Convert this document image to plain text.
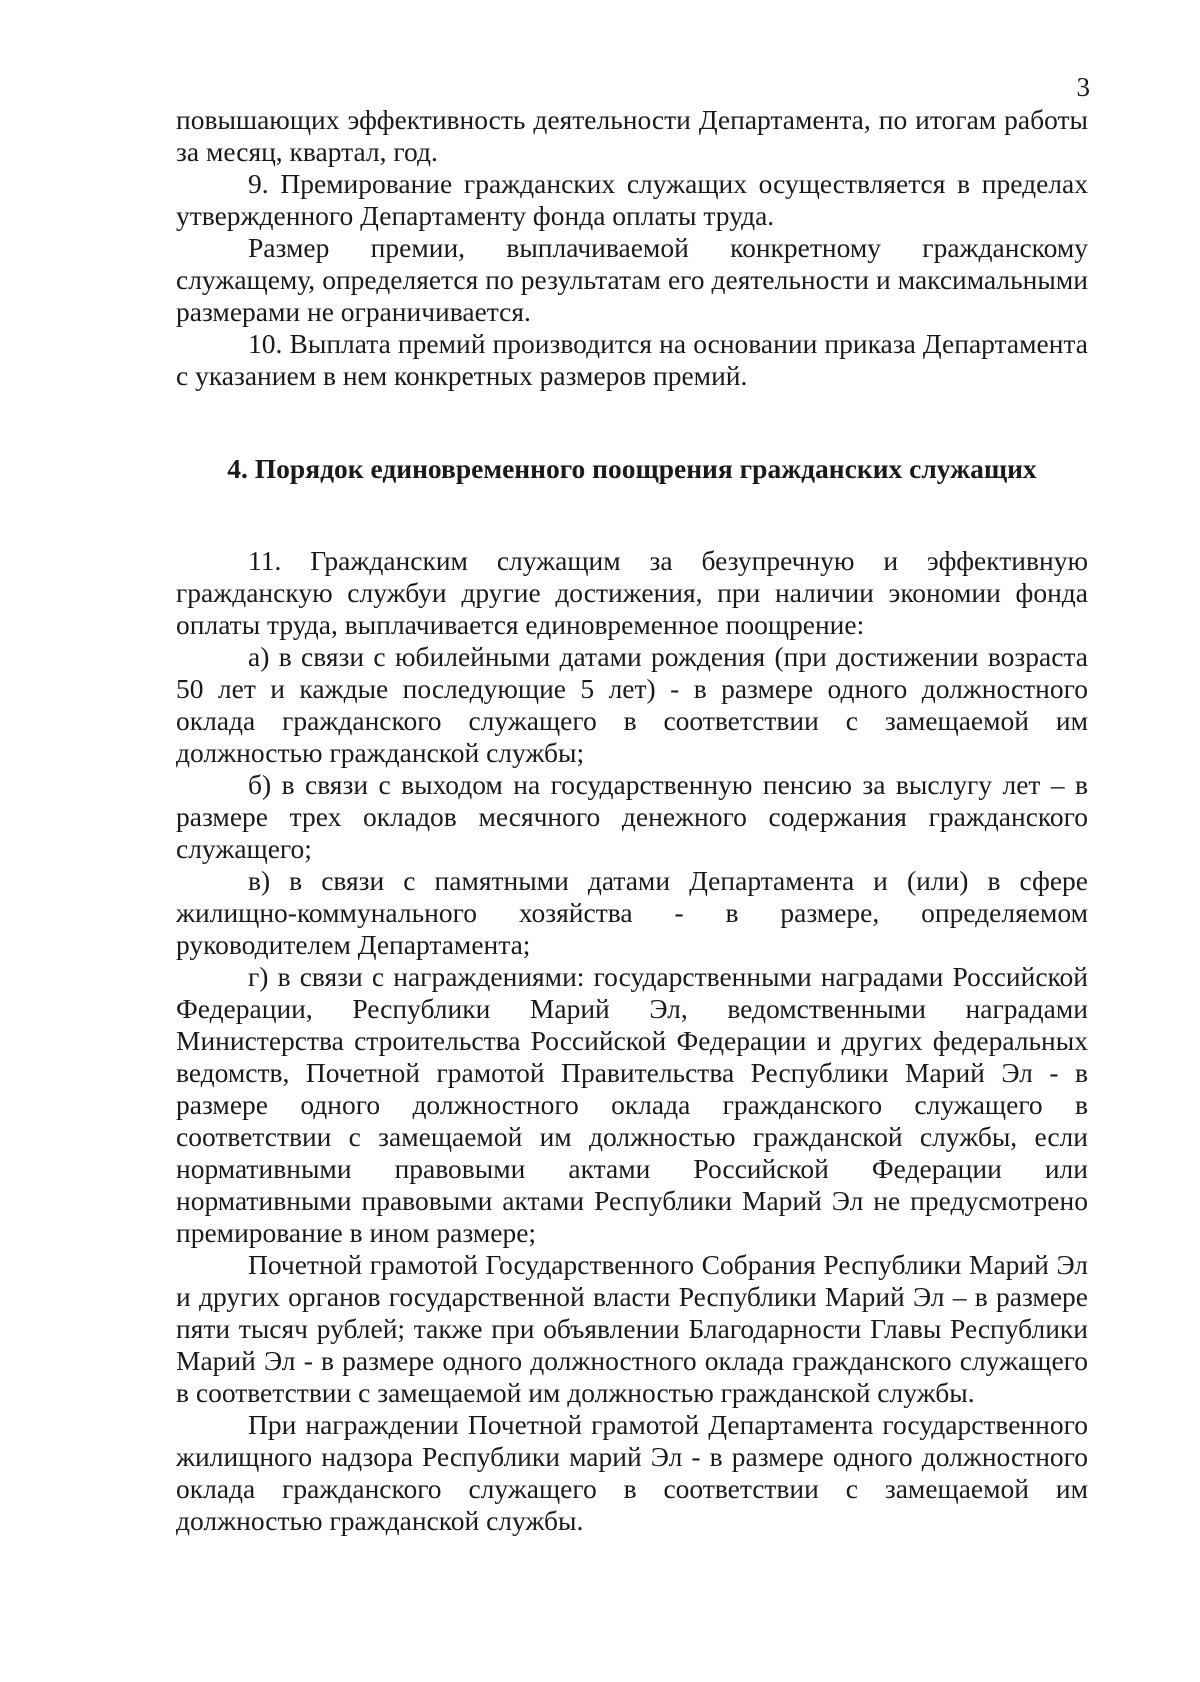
3

повышающих эффективность деятельности Департамента, по итогам работы за месяц, квартал, год.

9. Премирование гражданских служащих осуществляется в пределах утвержденного Департаменту фонда оплаты труда.

Размер премии, выплачиваемой конкретному гражданскому служащему, определяется по результатам его деятельности и максимальными размерами не ограничивается.

10. Выплата премий производится на основании приказа Департамента с указанием в нем конкретных размеров премий.

4. Порядок единовременного поощрения гражданских служащих

11. Гражданским служащим за безупречную и эффективную гражданскую службуи другие достижения, при наличии экономии фонда оплаты труда, выплачивается единовременное поощрение:

а) в связи с юбилейными датами рождения (при достижении возраста 50 лет и каждые последующие 5 лет) - в размере одного должностного оклада гражданского служащего в соответствии с замещаемой им должностью гражданской службы;

б) в связи с выходом на государственную пенсию за выслугу лет – в размере трех окладов месячного денежного содержания гражданского служащего;

в) в связи с памятными датами Департамента и (или) в сфере жилищно-коммунального хозяйства - в размере, определяемом руководителем Департамента;

г) в связи с награждениями: государственными наградами Российской Федерации, Республики Марий Эл, ведомственными наградами Министерства строительства Российской Федерации и других федеральных ведомств, Почетной грамотой Правительства Республики Марий Эл - в размере одного должностного оклада гражданского служащего в соответствии с замещаемой им должностью гражданской службы, если нормативными правовыми актами Российской Федерации или нормативными правовыми актами Республики Марий Эл не предусмотрено премирование в ином размере;

Почетной грамотой Государственного Собрания Республики Марий Эл и других органов государственной власти Республики Марий Эл – в размере пяти тысяч рублей; также при объявлении Благодарности Главы Республики Марий Эл - в размере одного должностного оклада гражданского служащего в соответствии с замещаемой им должностью гражданской службы.

При награждении Почетной грамотой Департамента государственного жилищного надзора Республики марий Эл - в размере одного должностного оклада гражданского служащего в соответствии с замещаемой им должностью гражданской службы.
